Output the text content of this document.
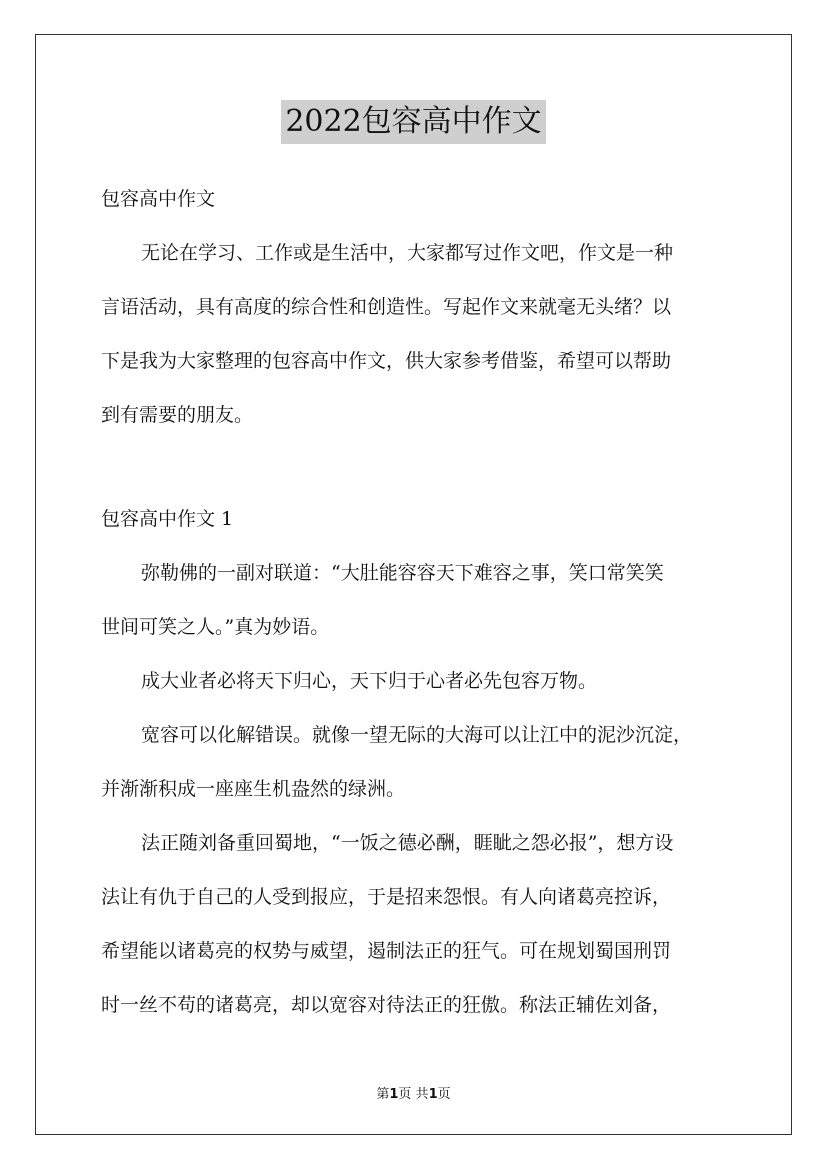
2022包容高中作文
包容高中作文
无论在学习、工作或是生活中，大家都写过作文吧，作文是一种
言语活动，具有高度的综合性和创造性。写起作文来就毫无头绪？以
下是我为大家整理的包容高中作文，供大家参考借鉴，希望可以帮助
到有需要的朋友。
包容高中作文 1
弥勒佛的一副对联道：“大肚能容容天下难容之事，笑口常笑笑
世间可笑之人。”真为妙语。
成大业者必将天下归心，天下归于心者必先包容万物。
宽容可以化解错误。就像一望无际的大海可以让江中的泥沙沉淀，
并渐渐积成一座座生机盎然的绿洲。
法正随刘备重回蜀地，“一饭之德必酬，睚眦之怨必报”，想方设
法让有仇于自己的人受到报应，于是招来怨恨。有人向诸葛亮控诉，
希望能以诸葛亮的权势与威望，遏制法正的狂气。可在规划蜀国刑罚
时一丝不苟的诸葛亮，却以宽容对待法正的狂傲。称法正辅佐刘备，
第1页 共1页
